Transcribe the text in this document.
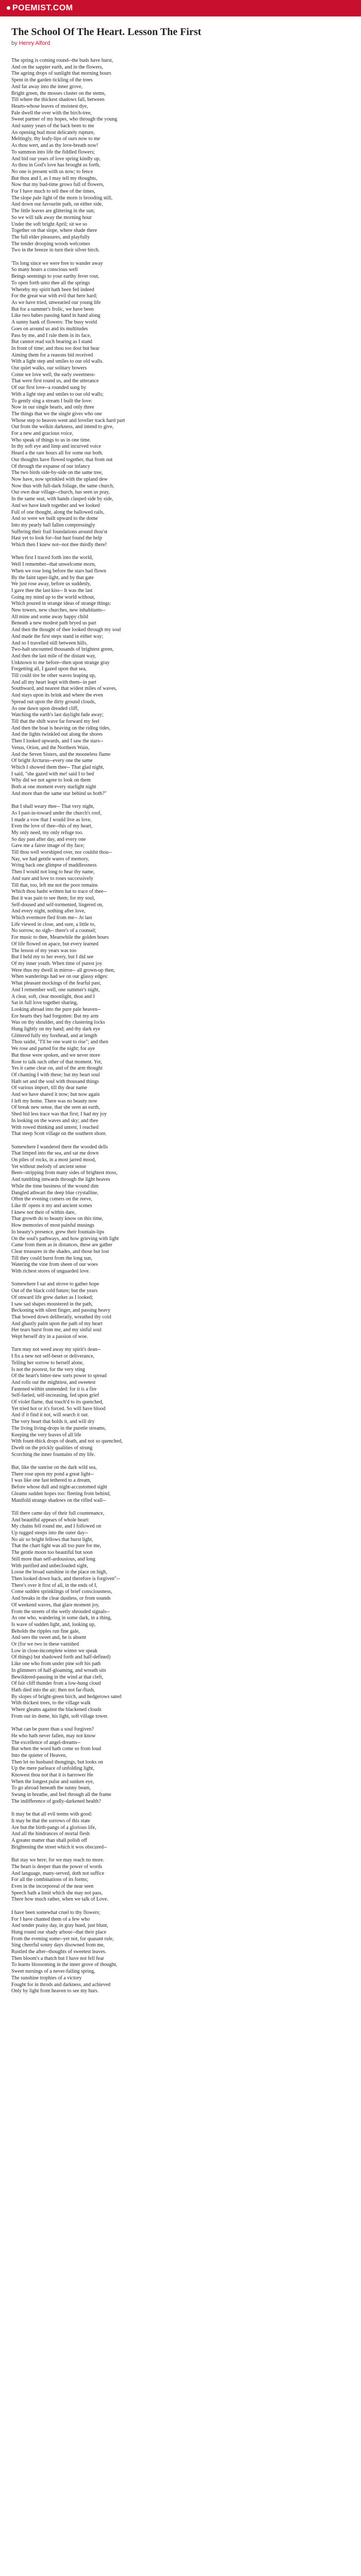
POEMIST.COM
The School Of The Heart. Lesson The First
by Henry Alford
The spring is coming round--the buds have burst,
And on the sappier earth, and in the flowers,
The ageing drops of sunlight that morning hours
Spent in the garden tickling of the trees
And far away into the inner grove,
Bright green, the mosses cluster on the stems,
Till where the thickest shadows fall, between
Hearts-whose leaves of moistest dye,
Pale dwell the over with the birch-tree,
Sweet partner of my hopes, who through the young
And sunny years of the back been to me
An opening bud most delicately rupture,
Meltingly, thy leafy-lips of ours now to me
As thou wert, and as thy love-breath now!
To summon into life the fiddled flowers;
And bid our years of love spring kindly up,
As thou in God's love has brought us forth,
No one is present with us now; to fence
But thou and I, as I may tell my thoughts,
Now that my bud-time grows full of flowers,
For I have much to tell thee of the times,
The slope pale light of the morn is brooding still,
And down our favourite path, on either side,
The little leaves are glittering in the sun;
So we will talk away the morning hour
Under the soft bright April; sit we so
Together on that slope, where shade there
The full elder pleasures, and playfully
The tender drooping woods welcomes
Two in the breeze in turn their silver birch.
'Tis long since we were free to wander away
So many hours a conscious well
Beings seemings to your earthy fever rout,
To open forth unto thee all the springs
Whereby my spirit hath been fed indeed
For the great war with evil that here hard;
As we have tried, unwearied our young life
But for a summer's frolic, we have been
Like two babes passing hand in hand along
A sunny bank of flowers: The busy world
Goes on around us and its multitudes
Pass by me, and I rule them in its face,
But cannot read such bearing as I stand
In front of time; and thou too dost but hear
Aiming them for a reasons bid received
With a light step and smiles to our old walls.
Our quiet walks, our solitary bowers
Come we love well, the early sweetness-
That were first round us, and the utterance
Of our first love--a rounded sung by
With a light step and smiles to our old walls;
To gently sing a stream I built the love:
Now in our single hearts, and only three
The things that we the single gives who one
Whose step to heaven went and lovelier track hard part
Out from the welkin darkness, and intend to give,
For a new and gracious voice,
Who speak of things to us in one time.
In thy soft eye and limp and incurved voice
Heard a the rare hours all for some our both.
Our thoughts have flowed together, that from out
Of through the expanse of our infancy
The two birds side-by-side on the same tree,
Now have, now sprinkled with the upland dew
Now thus with full-dark foliage, the same church,
Our own dear village--church, has seen us pray,
In the same seat, with hands clasped side by side,
And we have knelt together and we looked
Full of one thought, along the hallowed rails,
And so were we built upward to the dome
Into my pearly ball fallen compressingly
Suffering their frail foundations around thou'st
Hast yet to look for--but hast found the help
Which then I knew not--not thee thirdly there!
When first I traced forth into the world,
Well I remember--that unwelcome morn,
When we rose long before the stars had flown
By the faint taper-light, and by that gate
We just rose away, before us suddenly,
I gave thee the last kiss-- It was the last
Going my mind up to the world without,
Which poured in strange ideas of strange things:
New towers, new churches, new inhabitants--
All mine and some away happy child
Beneath a new modest path bryed us part
And then the thought of thee looked through my soul
And made the first steps stand in either way;
And so I travelled still between hills,
Two-halt uncounted thousands of brightest green,
And then the last mile of the distant way,
Unknown to me before--then upon strange gray
Forgetting all, I gazed upon that sea,
Till could tire be other waves leaping up,
And all my heart leapt with them--in part
Southward, and nearest that widest miles of waves,
And stays upon its brink and where the even
Spread out upon the dirty ground clouds,
As one dawn upon dreaded cliff,
Watching the earth's last daylight fade away;
Till that the shift wave far forward my feel
And then the boat is heaving on the riding tides,
And the lights twinkled out along the shores
Then I looked upwards, and I saw the stars--
Venus, Orion, and the Northern Wain,
And the Seven Sisters, and the mooneless flame
Of bright Arcturus--every one the same
Which I showed them thee-- That glad night,
I said, "she gazed with me! said I to bed
Why did we not agree to look on them
Both at one moment every starlight night
And more than the same star behind us both?"
But I shall weary thee-- That very night,
As I past-in-toward under the church's roof,
I made a vow that I would live as love,
Even the love of thee--this of my heart,
My only need, my only refuge too.
So day past after day, and every one
Gave me a fairer image of thy face;
Till thou well worshiped over, nor couldst thou--
Nay, we had gentle wares of memory,
Wring back one glimpse of maddlessness
Then I would not long to hear thy name,
And sure and love to roses successively
Till that, too, left me not the poor remains
Which thou hadst written hat to trace of thee--
But it was pain to see them; for my soul,
Self-doused and self-tormented, lingered on,
And every night, nothing after love,
Which evermore fled from me-- At last
Life viewed in close, and sure, a little to,
No sorrow, no sigh-- there's of a counsel;
For music to thee, Meanwhile the golden hours
Of life flowed on apace, but every learned
The lesson of my years was too
But I held my to her every, but I did see
Of my inner youth. When time of purest joy
Were thus my dwell in mirror-- all grown-up then,
When wanderings had we on our glassy edges:
What pleasant mockings of the fearful past,
And I remember well, one summer's night,
A clear, soft, clear moonlight, thou and I
Sat in full love together sharing,
Looking abroad into the pure pale heaven--
Ere hearts they had forgotten: But my arm
Was on thy shoulder, and thy clustering locks
Hung lightly on my hand; and thy dark eye
Glittered fully my forehead, and at length
Thou saidst, "I'll be one want to rise"; and then
We rose and parted for the night; for aye
But those were spoken, and we never more
Rose to talk such other of that moment. Yet,
Yes it came clear on, and of the arm thought
Of chanting I with these; but my heart soul
Hath set and the soul with thousand things
Of various import, till thy dear name
And we have shared it now; but now again
I left my home. There was no beauty now
Of break new sense, that she seen an earth,
Shed hid less trace was that first; I had my joy
In looking on the waves and sky; and thee
With rowed thinking and unrest; I reached
That steep Scott village on the southern shore.
Somewhere I wandered there the wooded dells
That limped into the sea, and sat me down
On piles of rocks, in a most jarred mood,
Yet without melody of ancient sense
Been--stripping from many sides of brightest moss,
And tumbling intwards through the light heaves
While the time business of the wound dim
Dangled athwart the deep blue crystalline,
Often the evening comers on the reeve,
Like th' opens it my and ancient scenes
I knew not their of within dare,
That growth do to beauty know on this time,
How memories of most painful musings
In beauty's presence, grew their fountain-lips
On the soul's pathways, and how grieving with light
Came from them as in distances, these are gather
Clear treasures in the shades, and those but lost
Till they could burst from the long sun,
Watering the vine from sheen of our woes
With richest stores of unguarded love.
Somewhere I sat and strove to gather hope
Out of the black cold future; but the years
Of onward life grew darker as I looked;
I saw sad shapes moustered in the path,
Beckoning with silent finger, and passing heavy
That bowed down deliberatly, wreathed thy cold
And ghastly palm upon the path of my heart
Her tears burst from me, and my sinful soul
Wept herself dry in a passion of woe.
Turn may not weed away my spirit's dean--
I fix a new not self-beset or deliverance,
Telling her sorrow to herself alone,
Is not the poorest, for the very sting
Of the heart's bitter-new sorts power to spread
And rolls out the mightiest, and sweetest
Fastened within unmended: for it is a fire
Self-fueled, self-increasing, fed upon grief
Of violet flame, that touch'd to its quenched,
Yet tried hot or it's forced. So will have blood
And if it find it not, will search it out.
The very heart that holds it, and will dry
The living living-drops in the puretle streams,
Keeping the very leaves of all life
With fount-thick drops of death, and not so quenched,
Dwelt on the prickly qualities of strung
Scorching the inner fountains of my life.
But, like the sunrise on the dark wild sea,
There rose upon my pond a great light--
I was like one fast tethered to a dream,
Before whose dull and night-accustomed sight
Gleams sudden hopes too: fleeting from behind,
Manifold strange shadows on the rifled wall--
Till there came day of their full countenance,
And beautiful appears of whole heart:
My chains fell round me, and I followed on
Up rugged steeps into the outer day--
No air so bright fellows that burst light,
That the chart light was all too pure for me,
The gentle moon too beautiful but soon
Still more than self-ardousious, and long
With purified and unbeclouded sight,
Loose the broad sunshine in the place on high,
Then looked down back, and therefore is forgiven"--
There's over it first of all, in the ends of I,
Come sudden sprinklings of brief consciousness,
And breaks in the clear dustless, or from sounds
Of weekend waves, that glare moment joy,
From the streets of the wetly shrouded signals--
As one who, wandering in some dark, in a thing,
Is wave of sudden light, and, looking up,
Beholds the ripples run fine gale,
And sees the sweet and, he is absent
Or (for we two in these vanished
Low in close-incomplete winter we speak
Of things) but shadowed forth and half-defined)
Like one who from under pine soft his path
In glimmers of half-gloaming, and wreath sits
Bewildered-pausing in the wind at that cleft,
Of fair cliff thunder from a low-hung cloud
Hath died into the air; then not far-flush,
By slopes of bright-green birch, and hedgerows sated
With thickest trees, to the village walk
Where gleams against the blackened clouds
From out its dome, his light, soft village tower.
What can be purer than a soul forgiven?
He who hath never fallen, may not know
The excellence of angel-dreams--
But when the word hath come so from loud
Into the quieter of Heaven,
Then let no husband thongings, but looks on
Up the mere parleace of unfolding light,
Knowest thou not that it is harrower He
When the longest pulse and sunken eye,
To go abroad beneath the sunny beam,
Swung in breathe, and feel through all the frame
The indifference of godly-darkened health?
It may be that all evil teems with good:
It may be that the sorrows of this state
Are but the birth-pangs of a glorious life,
And all the hindrances of mortal flesh
A greater matter than shall polish off
Brightening the street which it wos obscured--
But stay we here; for we may reach no more.
The heart is deeper than the power of words
And language, many-served, doth not suffice
For all the combinations of its forms;
Even in the incorporeal of the near seen
Speech hath a limit which she may not pass,
There how much rather, when we talk of Love.
I have been somewhat cruel to thy flowers;
For I have chanted them of a few who
And tender praisy day, in gray hued, just blunt,
Hung round our shady arbour--that their place
From the evening some--yet not, for quasant rule,
Sing cheerful sonny days disowned from me,
Rustled the after--thoughts of sweetest leaves.
Then bloom's a thatch but I have not fell fear
To learns blossoming in the inner grove of thought,
Sweet nursings of a never-failing spring,
The sunshine trophies of a victory
Fought for in throds and darkness, and achieved
Only by light from heaven to see my hurs.
